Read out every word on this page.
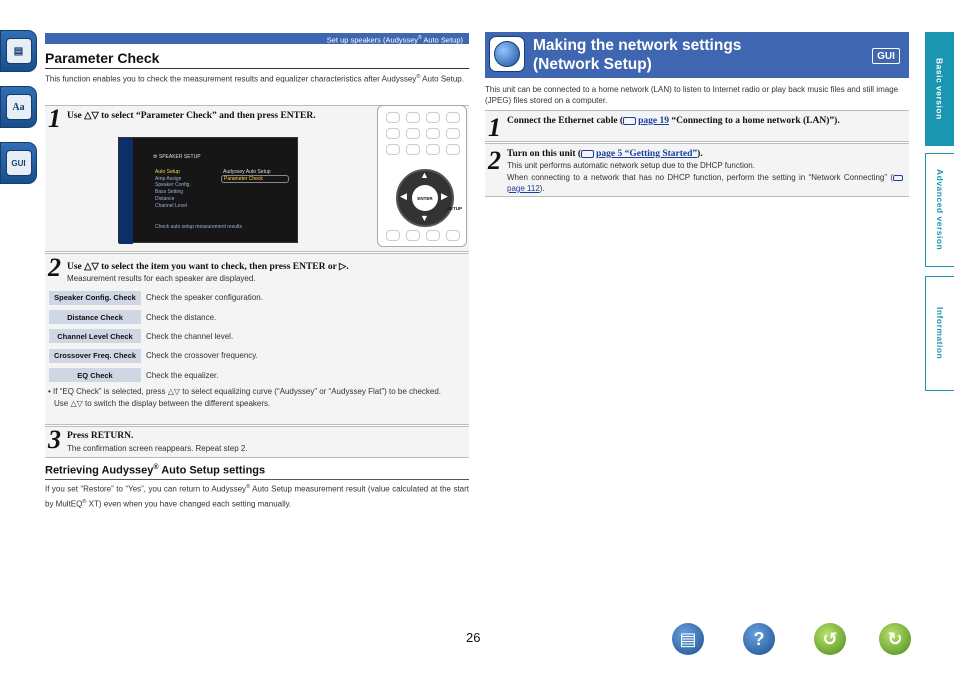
▤
Aa
GUI
Set up speakers (Audyssey® Auto Setup)
Parameter Check
This function enables you to check the measurement results and equalizer characteristics after Audyssey® Auto Setup.
1 Use △▽ to select “Parameter Check” and then press ENTER.
⚙ SPEAKER SETUP
Auto Setup
Amp Assign
Speaker Config.
Bass Setting
Distance
Channel Level
Audyssey Auto Setup
Parameter Check
Check auto setup measurement results
▲
▼
◀	▶
ENTER
SETUP
2 Use △▽ to select the item you want to check, then press ENTER or ▷.
Measurement results for each speaker are displayed.
Speaker Config. Check	Check the speaker configuration.
Distance Check	Check the distance.
Channel Level Check	Check the channel level.
Crossover Freq. Check	Check the crossover frequency.
EQ Check	Check the equalizer.
• If “EQ Check” is selected, press △▽ to select equalizing curve (“Audyssey” or “Audyssey Flat”) to be checked.
Use △▽ to switch the display between the different speakers.
3 Press RETURN.
The confirmation screen reappears. Repeat step 2.
Retrieving Audyssey® Auto Setup settings
If you set “Restore” to “Yes”, you can return to Audyssey® Auto Setup measurement result (value calculated at the start by MultEQ® XT) even when you have changed each setting manually.
26
Making the network settings
(Network Setup)	GUI
This unit can be connected to a home network (LAN) to listen to Internet radio or play back music files and still image (JPEG) files stored on a computer.
1 Connect the Ethernet cable ( page 19 “Connecting to a home network (LAN)”).
2 Turn on this unit ( page 5 “Getting Started”).
This unit performs automatic network setup due to the DHCP function.
When connecting to a network that has no DHCP function, perform the setting in “Network Connecting” (page 112).
Basic version
Advanced version
Information
▤	?	↺	↻
